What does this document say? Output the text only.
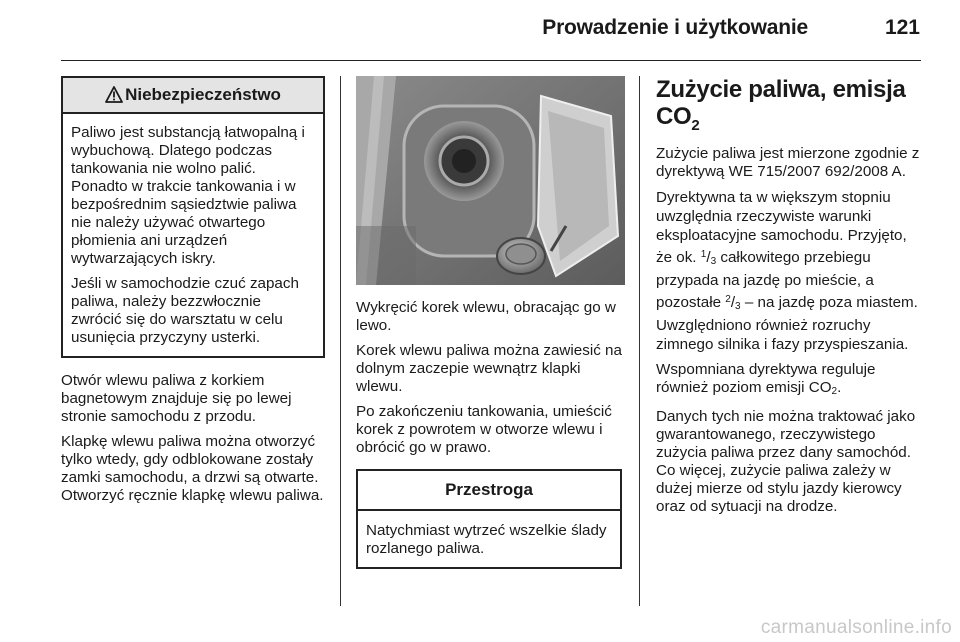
Prowadzenie i użytkowanie	121
Niebezpieczeństwo

Paliwo jest substancją łatwopalną i wybuchową. Dlatego podczas tankowania nie wolno palić. Ponadto w trakcie tankowania i w bezpośrednim sąsiedztwie paliwa nie należy używać otwartego płomienia ani urządzeń wytwarzających iskry.

Jeśli w samochodzie czuć zapach paliwa, należy bezzwłocznie zwrócić się do warsztatu w celu usunięcia przyczyny usterki.

Otwór wlewu paliwa z korkiem bagnetowym znajduje się po lewej stronie samochodu z przodu.

Klapkę wlewu paliwa można otworzyć tylko wtedy, gdy odblokowane zostały zamki samochodu, a drzwi są otwarte. Otworzyć ręcznie klapkę wlewu paliwa.

Wykręcić korek wlewu, obracając go w lewo.

Korek wlewu paliwa można zawiesić na dolnym zaczepie wewnątrz klapki wlewu.

Po zakończeniu tankowania, umieścić korek z powrotem w otworze wlewu i obrócić go w prawo.

Przestroga

Natychmiast wytrzeć wszelkie ślady rozlanego paliwa.

Zużycie paliwa, emisja
$CO_2$

Zużycie paliwa jest mierzone zgodnie z dyrektywą WE 715/2007 692/2008 A.

Dyrektywna ta w większym stopniu uwzględnia rzeczywiste warunki eksploatacyjne samochodu. Przyjęto, że ok. $^1/_3$ całkowitego przebiegu przypada na jazdę po mieście, a pozostałe $^2/_3$ – na jazdę poza miastem. Uwzględniono również rozruchy zimnego silnika i fazy przyspieszania.

Wspomniana dyrektywa reguluje również poziom emisji $CO_2$.

Danych tych nie można traktować jako gwarantowanego, rzeczywistego zużycia paliwa przez dany samochód. Co więcej, zużycie paliwa zależy w dużej mierze od stylu jazdy kierowcy oraz od sytuacji na drodze.

carmanualsonline.info
